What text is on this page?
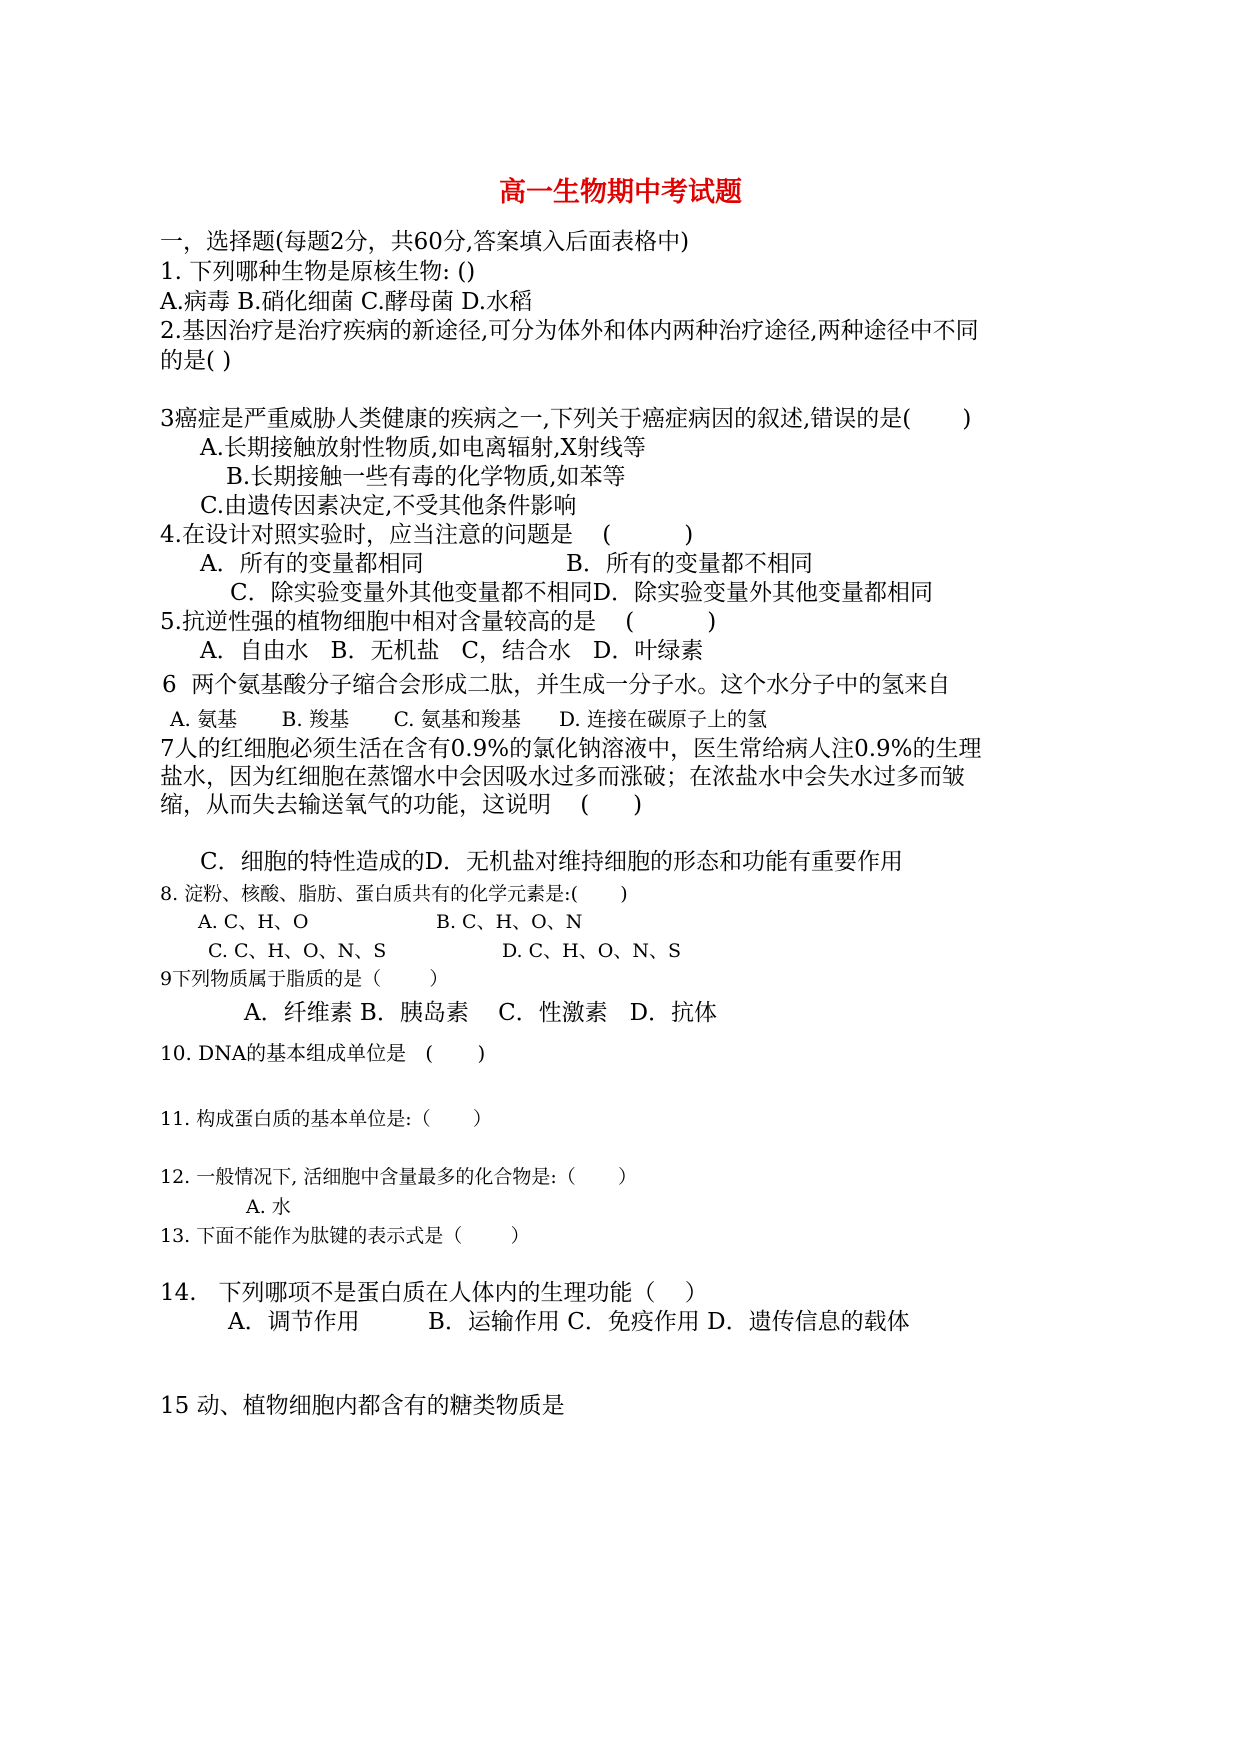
高一生物期中考试题
一，选择题(每题2分，共60分,答案填入后面表格中)
1. 下列哪种生物是原核生物: ()
A.病毒 B.硝化细菌 C.酵母菌 D.水稻
2.基因治疗是治疗疾病的新途径,可分为体外和体内两种治疗途径,两种途径中不同
的是( )
3癌症是严重威胁人类健康的疾病之一,下列关于癌症病因的叙述,错误的是(       )
A.长期接触放射性物质,如电离辐射,X射线等
B.长期接触一些有毒的化学物质,如苯等
C.由遗传因素决定,不受其他条件影响
4.在设计对照实验时，应当注意的问题是    (          )
A．所有的变量都相同	B．所有的变量都不相同
C．除实验变量外其他变量都不相同D．除实验变量外其他变量都相同
5.抗逆性强的植物细胞中相对含量较高的是    (          )
A．自由水   B．无机盐   C，结合水   D．叶绿素
6  两个氨基酸分子缩合会形成二肽，并生成一分子水。这个水分子中的氢来自
A. 氨基       B. 羧基       C. 氨基和羧基      D. 连接在碳原子上的氢
7人的红细胞必须生活在含有0.9%的氯化钠溶液中，医生常给病人注0.9%的生理
盐水，因为红细胞在蒸馏水中会因吸水过多而涨破；在浓盐水中会失水过多而皱
缩，从而失去输送氧气的功能，这说明    (      )
C．细胞的特性造成的D．无机盐对维持细胞的形态和功能有重要作用
8. 淀粉、核酸、脂肪、蛋白质共有的化学元素是:(       )
A. C、H、O	B. C、H、O、N
C. C、H、O、N、S	D. C、H、O、N、S
9下列物质属于脂质的是（        ）
A．纤维素 B．胰岛素    C．性激素   D．抗体
10. DNA的基本组成单位是   (       )
11. 构成蛋白质的基本单位是:（       ）
12. 一般情况下, 活细胞中含量最多的化合物是:（       ）
A. 水
13. 下面不能作为肽键的表示式是（        ）
14.   下列哪项不是蛋白质在人体内的生理功能（    ）
A．调节作用	B．运输作用 C．免疫作用 D．遗传信息的载体
15 动、植物细胞内都含有的糖类物质是
